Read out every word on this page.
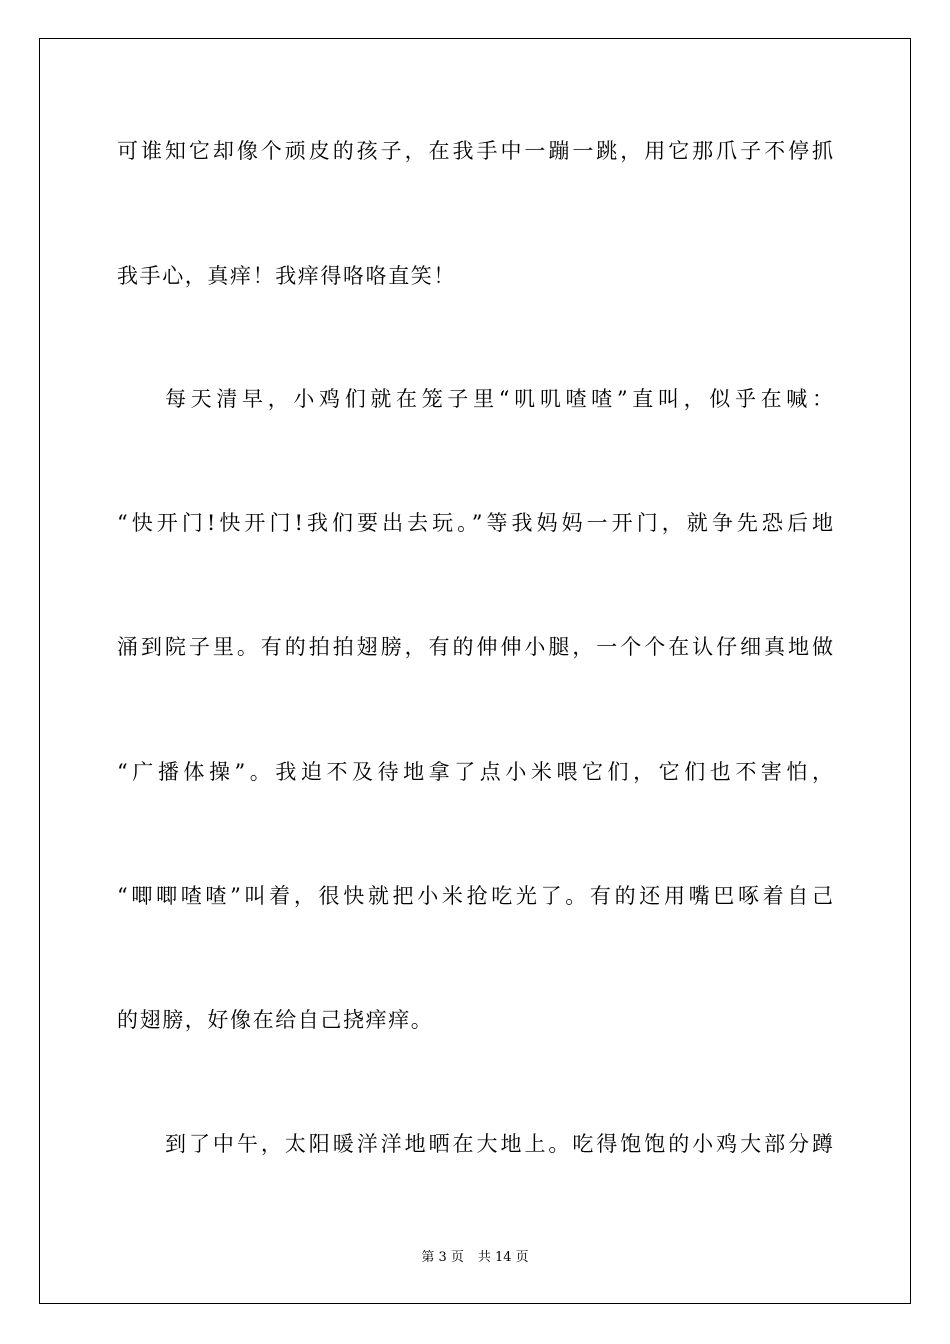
可谁知它却像个顽皮的孩子，在我手中一蹦一跳，用它那爪子不停抓
我手心，真痒！我痒得咯咯直笑！
每天清早，小鸡们就在笼子里“叽叽喳喳”直叫，似乎在喊：
“快开门!快开门!我们要出去玩。”等我妈妈一开门，就争先恐后地
涌到院子里。有的拍拍翅膀，有的伸伸小腿，一个个在认仔细真地做
“广播体操”。我迫不及待地拿了点小米喂它们，它们也不害怕，
“唧唧喳喳”叫着，很快就把小米抢吃光了。有的还用嘴巴啄着自己
的翅膀，好像在给自己挠痒痒。
到了中午，太阳暖洋洋地晒在大地上。吃得饱饱的小鸡大部分蹲
第 3 页 共 14 页
